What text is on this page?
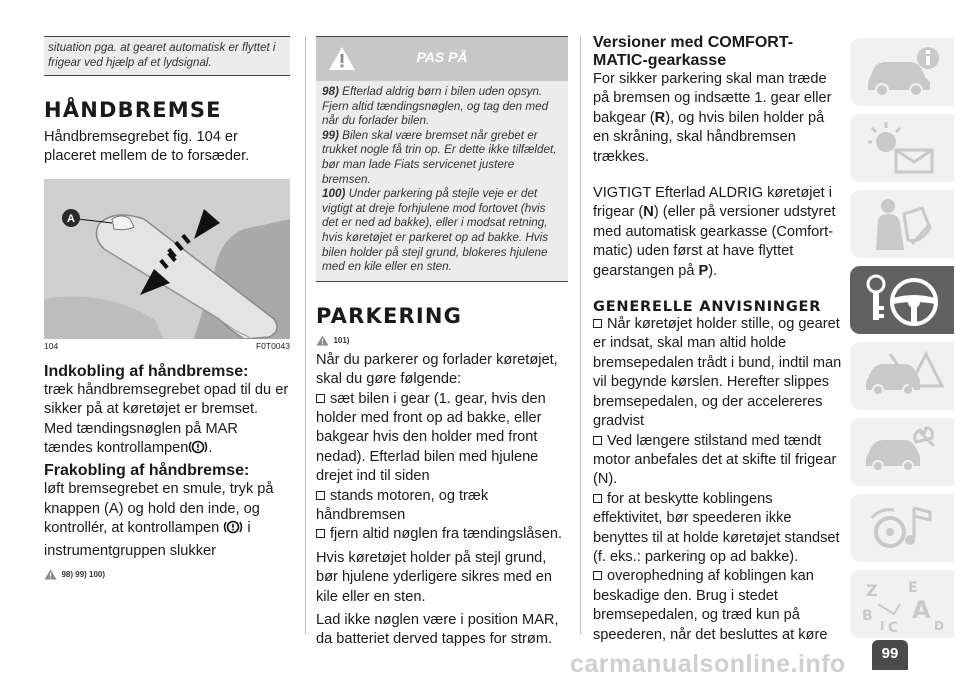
situation pga. at gearet automatisk er flyttet i frigear ved hjælp af et lydsignal.
HÅNDBREMSE

Håndbremsegrebet fig. 104 er placeret mellem de to forsæder.

A
104	F0T0043
Indkobling af håndbremse:

træk håndbremsegrebet opad til du er sikker på at køretøjet er bremset. Med tændingsnøglen på MAR tændes kontrollampen .

Frakobling af håndbremse:

løft bremsegrebet en smule, tryk på knappen (A) og hold den inde, og kontrollér, at kontrollampen i instrumentgruppen slukker

98) 99) 100)
PAS PÅ
98) Efterlad aldrig børn i bilen uden opsyn. Fjern altid tændingsnøglen, og tag den med når du forlader bilen.
99) Bilen skal være bremset når grebet er trukket nogle få trin op. Er dette ikke tilfældet, bør man lade Fiats servicenet justere bremsen.
100) Under parkering på stejle veje er det vigtigt at dreje forhjulene mod fortovet (hvis det er ned ad bakke), eller i modsat retning, hvis køretøjet er parkeret op ad bakke. Hvis bilen holder på stejl grund, blokeres hjulene med en kile eller en sten.
PARKERING
101)

Når du parkerer og forlader køretøjet, skal du gøre følgende:

sæt bilen i gear (1. gear, hvis den holder med front op ad bakke, eller bakgear hvis den holder med front nedad). Efterlad bilen med hjulene drejet ind til siden

stands motoren, og træk håndbremsen

fjern altid nøglen fra tændingslåsen.

Hvis køretøjet holder på stejl grund, bør hjulene yderligere sikres med en kile eller en sten.

Lad ikke nøglen være i position MAR, da batteriet derved tappes for strøm.

Versioner med COMFORT-MATIC-gearkasse

For sikker parkering skal man træde på bremsen og indsætte 1. gear eller bakgear (R), og hvis bilen holder på en skråning, skal håndbremsen trækkes.

VIGTIGT Efterlad ALDRIG køretøjet i frigear (N) (eller på versioner udstyret med automatisk gearkasse (Comfort-matic) uden først at have flyttet gearstangen på P).

GENERELLE ANVISNINGER

Når køretøjet holder stille, og gearet er indsat, skal man altid holde bremsepedalen trådt i bund, indtil man vil begynde kørslen. Herefter slippes bremsepedalen, og der accelereres gradvist

Ved længere stilstand med tændt motor anbefales det at skifte til frigear (N).

for at beskytte koblingens effektivitet, bør speederen ikke benyttes til at holde køretøjet standset (f. eks.: parkering op ad bakke).

overophedning af koblingen kan beskadige den. Brug i stedet bremsepedalen, og træd kun på speederen, når det besluttes at køre

Z E
B
I C
A
D
99
carmanualsonline.info
